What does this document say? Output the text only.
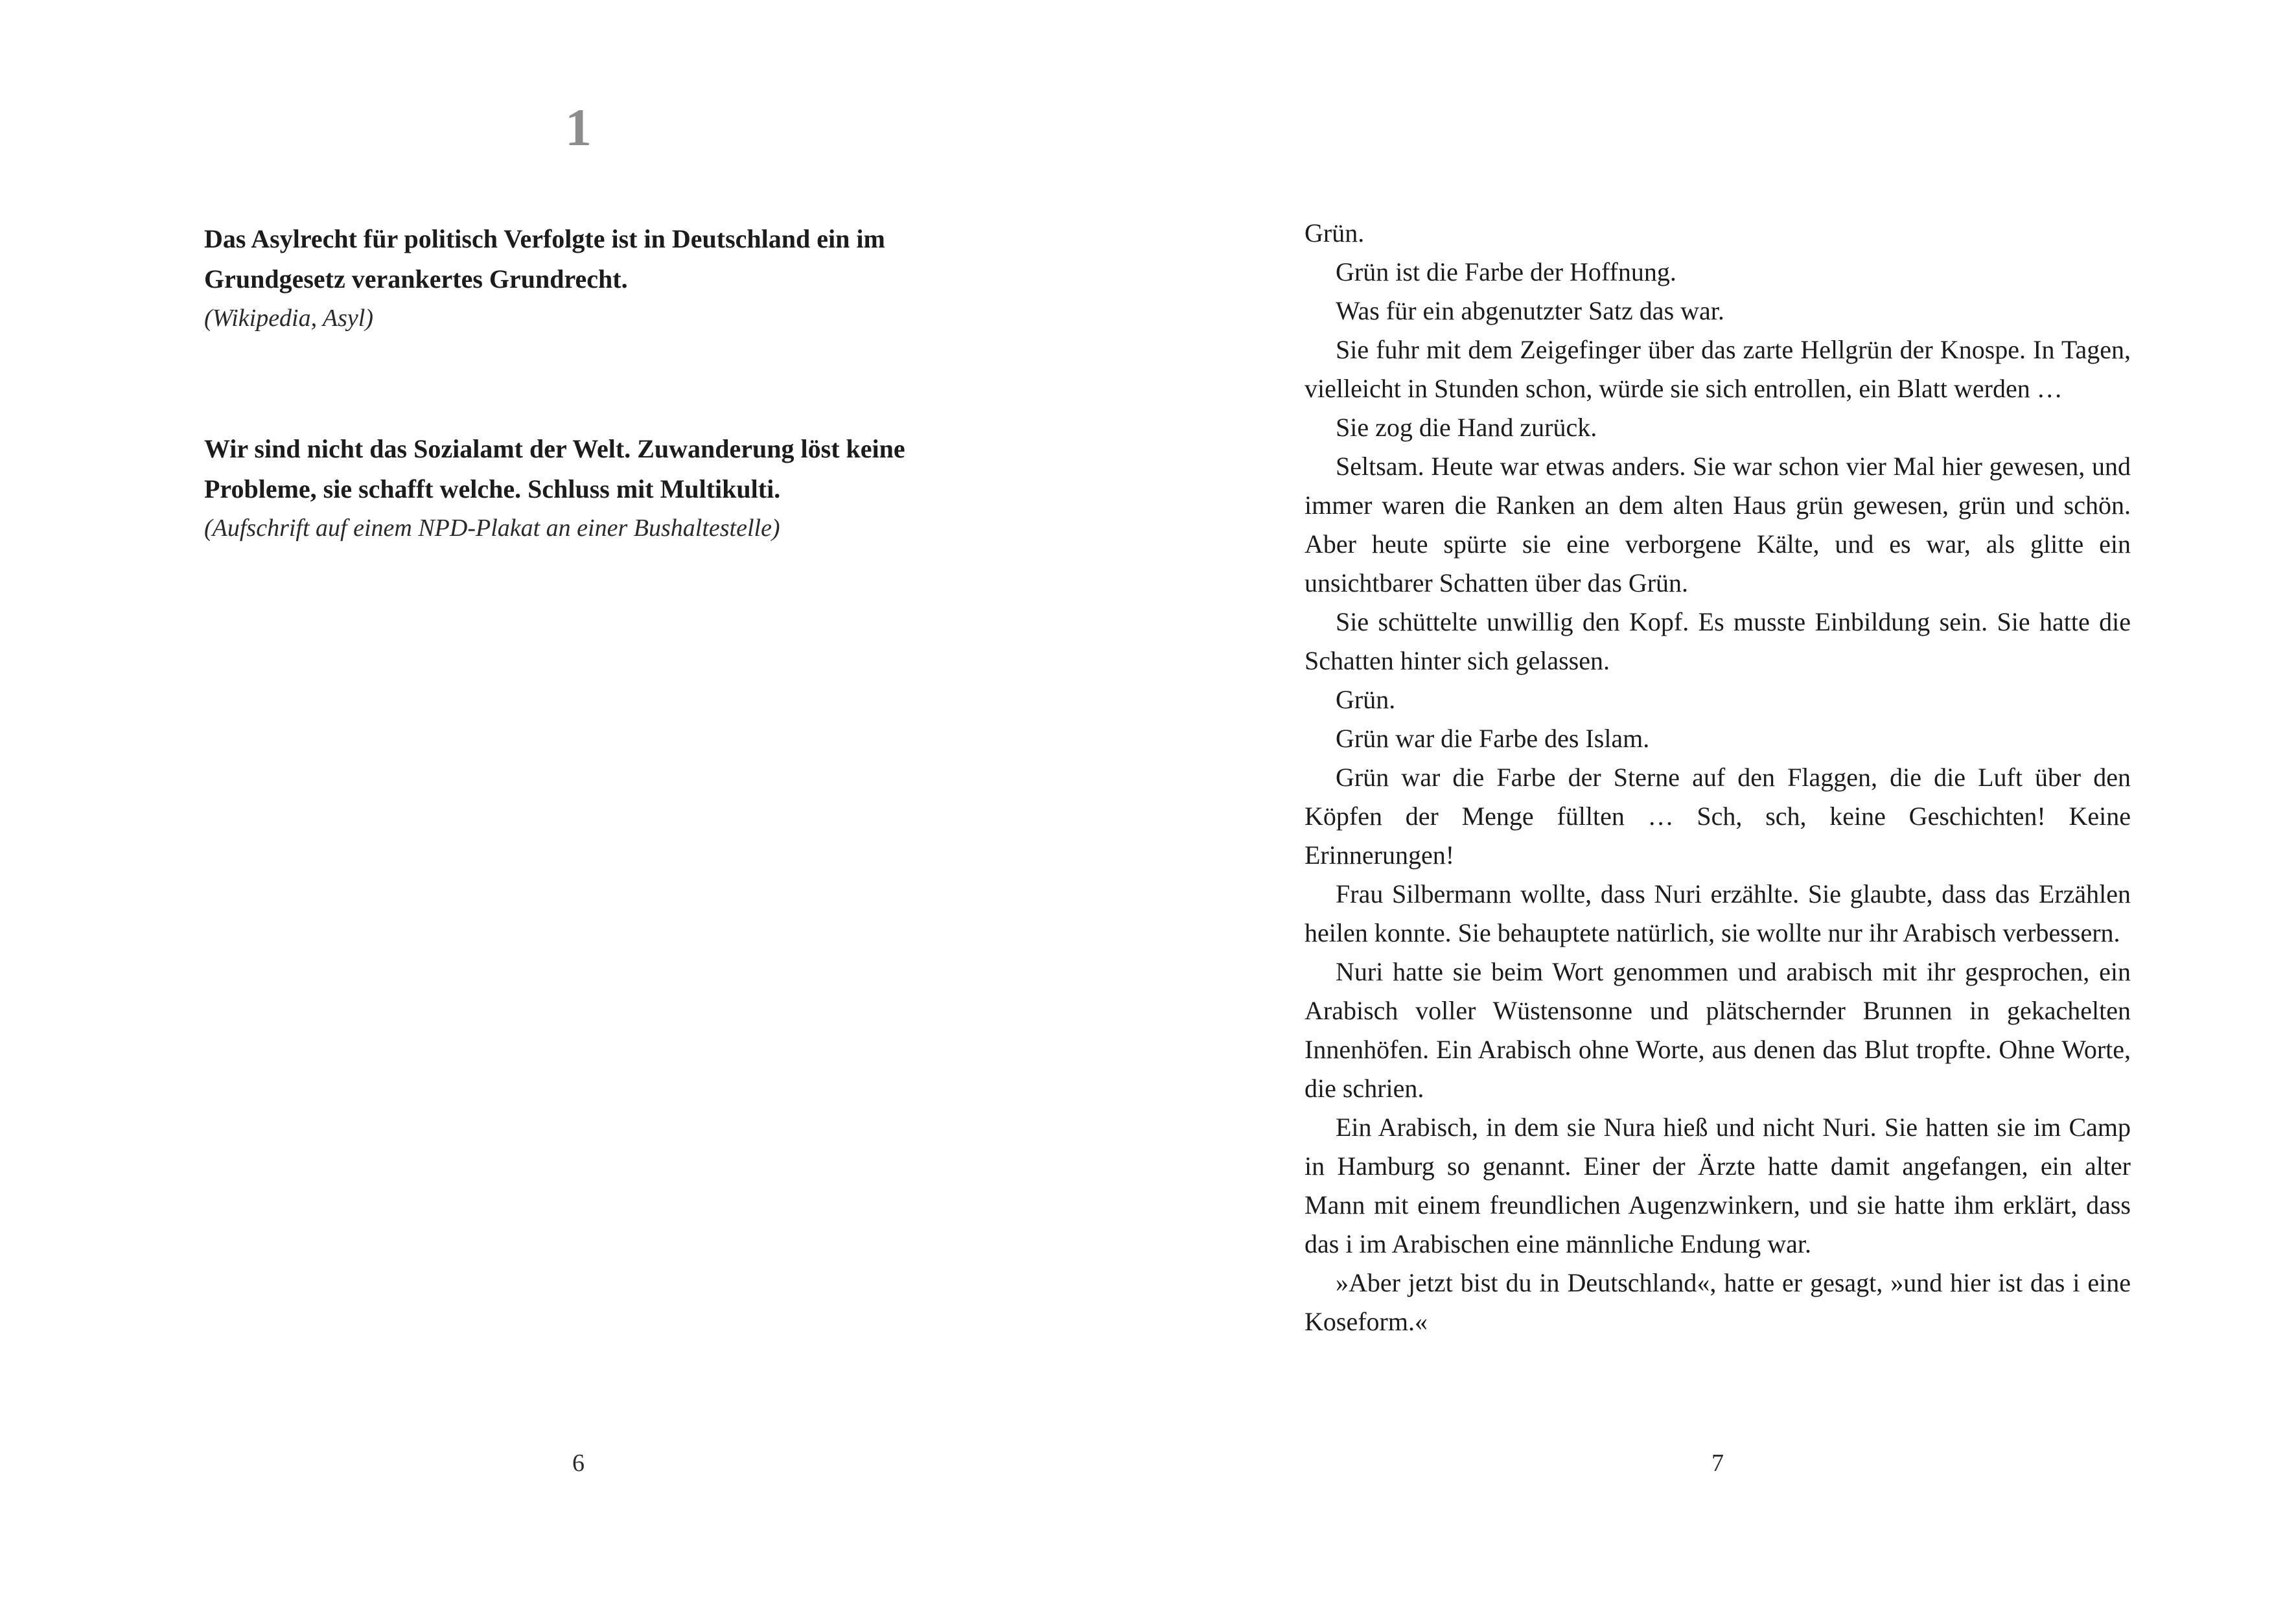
1

Das Asylrecht für politisch Verfolgte ist in Deutschland ein im Grundgesetz verankertes Grundrecht.

(Wikipedia, Asyl)

Wir sind nicht das Sozialamt der Welt. Zuwanderung löst keine Probleme, sie schafft welche. Schluss mit Multikulti.

(Aufschrift auf einem NPD-Plakat an einer Bushaltestelle)

6

Grün.

Grün ist die Farbe der Hoffnung.

Was für ein abgenutzter Satz das war.

Sie fuhr mit dem Zeigefinger über das zarte Hellgrün der Knospe. In Tagen, vielleicht in Stunden schon, würde sie sich entrollen, ein Blatt werden …

Sie zog die Hand zurück.

Seltsam. Heute war etwas anders. Sie war schon vier Mal hier gewesen, und immer waren die Ranken an dem alten Haus grün gewesen, grün und schön. Aber heute spürte sie eine verborgene Kälte, und es war, als glitte ein unsichtbarer Schatten über das Grün.

Sie schüttelte unwillig den Kopf. Es musste Einbildung sein. Sie hatte die Schatten hinter sich gelassen.

Grün.

Grün war die Farbe des Islam.

Grün war die Farbe der Sterne auf den Flaggen, die die Luft über den Köpfen der Menge füllten … Sch, sch, keine Geschichten! Keine Erinnerungen!

Frau Silbermann wollte, dass Nuri erzählte. Sie glaubte, dass das Erzählen heilen konnte. Sie behauptete natürlich, sie wollte nur ihr Arabisch verbessern.

Nuri hatte sie beim Wort genommen und arabisch mit ihr gesprochen, ein Arabisch voller Wüstensonne und plätschernder Brunnen in gekachelten Innenhöfen. Ein Arabisch ohne Worte, aus denen das Blut tropfte. Ohne Worte, die schrien.

Ein Arabisch, in dem sie Nura hieß und nicht Nuri. Sie hatten sie im Camp in Hamburg so genannt. Einer der Ärzte hatte damit angefangen, ein alter Mann mit einem freundlichen Augenzwinkern, und sie hatte ihm erklärt, dass das i im Arabischen eine männliche Endung war.

»Aber jetzt bist du in Deutschland«, hatte er gesagt, »und hier ist das i eine Koseform.«

7
